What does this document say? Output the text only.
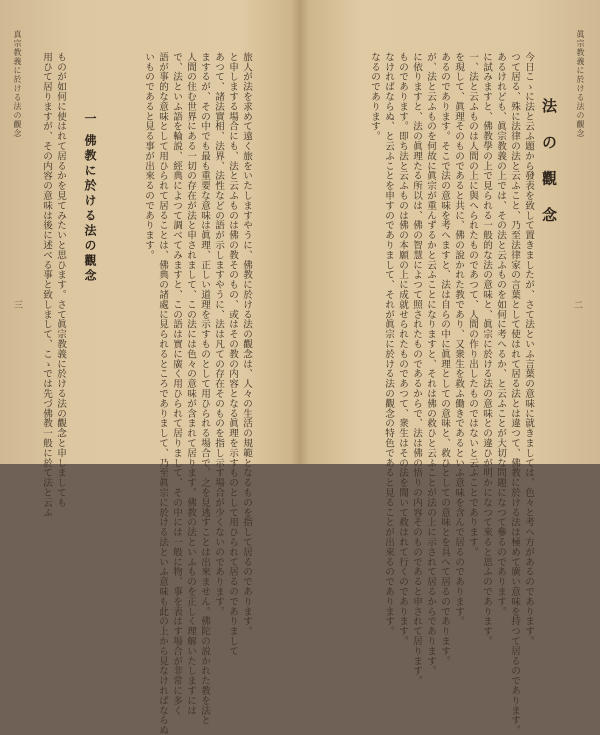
眞宗教義に於ける法の觀念
二
法 の 觀 念
今日こゝに法と云ふ題から發表を致して置きましたが、さて法といふ言葉の意味に就きましては、色々と考へ方があるのであります。
つて居る、殊に法律の法と云ふこと、乃至法律家の言葉として使はれて居る法とは違つて、佛教に於ける法は極めて廣い意味を持つて居るのであります。
あるけれども、眞宗教義の上では、その法と云ふものを如何に考へるか、と云ふことが大切な問題になつて參るのであります。
に試みますと、佛教學の上で見られる一般的な法の意味と、眞宗に於ける法の意味との違ひが明かになつて來ると思ふのであります。
一、法と云ふものは人間の上に與へられたものであつて、人間の作り出したものではないと云ふことであります。
を現して、眞理そのものであると共に、佛の說かれた教であり、又衆生を救ふ働きであるといふ意味を含んで居るのであります。
あるのであります。そこで法の意味を考へますと、法は自らの中に眞理としての意味と、救ひとしての意味とを具へて居るのであります。
が、法と云ふものを何故に眞宗が重んずるかと云ふことになりますと、それは佛の救ひと云ふことが法の上に示されて居るからであります。
に依りますと、法の眞理たる所以は、佛の智慧によつて照されたものであるからで、法は佛の悟りの内容そのものであると申されて居ります。
ものであります。即ち法と云ふものは佛の本願の上に成就せられたものであつて、衆生はその法を聞いて救はれて行くのであります。
なければならぬ、と云ふことを申すのでありまして、それが眞宗に於ける法の觀念の特色であると見ることが出來るのであります。
なるのであります。
真宗教義に於ける法の觀念
三
一 佛教に於ける法の觀念
用ひて居りますが、その内容の意味は後に述べる事と致しまして、こゝでは先づ佛教一般に於て法と云ふ ものが如何に使はれて居るかを見てみたいと思ひます。さて眞宗教義に於ける法の觀念と申しましても	いものであると見る事が出來るのであります。 語が事的な意味として用ひられて居ることは、佛典の諸處に見られるところでありまして、乃至眞宗に於ける法といふ意味も此の上から見なければならぬ で、法といふ語を輪説、經典によつて調べてみますと、この語は實に廣く用ひられて居りまして、その中には一般に物、事を表はす場合が非常に多く 人間の住む世界にある一切の存在が法と申されまして、この法には色々の意味が含まれて居ります。佛教の法といふものを正しく理解いたしますには まするが、その中でも最も重要な意味は眞理、正しい道理を示すものとして用ひられる場合で、之を見逃すことは出來ません。佛陀の説かれた教を法と あつて、諸法實相、法界、法性などの語が示しますやうに、法は凡ての存在そのものを指し示す場合が少くないのであります。 と申しまする場合にも、法と云ふものは佛の教そのもの、或はその教の内容となる眞理を示すものとして用ひられて居るのでありまして 旅人が法を求めて遠く旅をいたしますやうに、佛教に於ける法の觀念は、人々の生活の規範となるものを指して居るのであります。
